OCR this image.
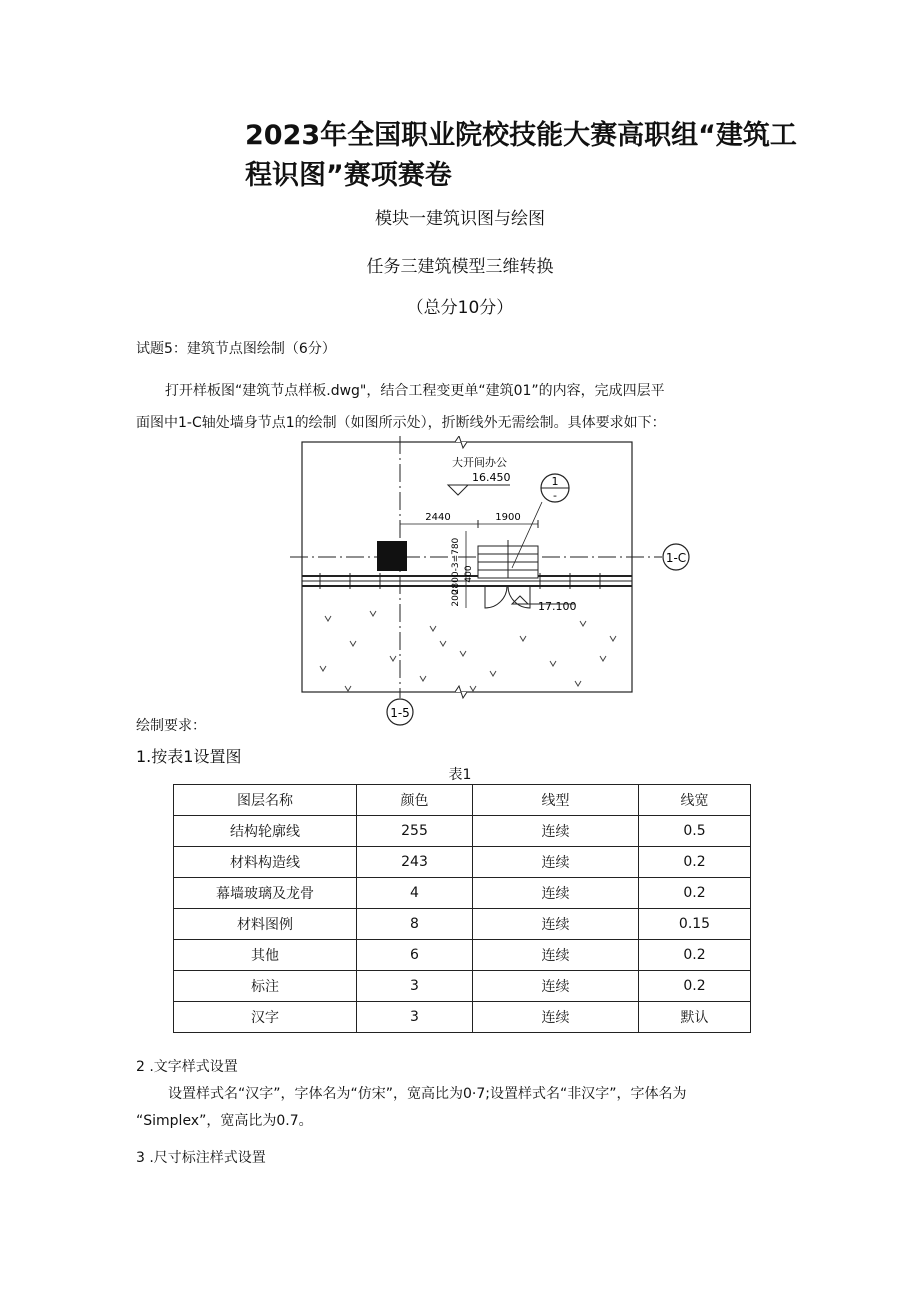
2023年全国职业院校技能大赛高职组“建筑工程识图”赛项赛卷
模块一建筑识图与绘图
任务三建筑模型三维转换
（总分10分）
试题5：建筑节点图绘制（6分）
打开样板图“建筑节点样板.dwg"，结合工程变更单“建筑01”的内容，完成四层平
面图中1-C轴处墙身节点1的绘制（如图所示处），折断线外无需绘制。具体要求如下：
1-5
1-C
2440	1900
2800-3=780 400
200
大开间办公
16.450
17.100
1
-
绘制要求：
1.按表1设置图
表1
图层名称	颜色	线型	线宽
结构轮廓线	255	连续	0.5
材料构造线	243	连续	0.2
幕墙玻璃及龙骨	4	连续	0.2
材料图例	8	连续	0.15
其他	6	连续	0.2
标注	3	连续	0.2
汉字	3	连续	默认
2 .文字样式设置
设置样式名“汉字”，字体名为“仿宋”，宽高比为0·7;设置样式名“非汉字”，字体名为
“Simplex”，宽高比为0.7。
3 .尺寸标注样式设置
